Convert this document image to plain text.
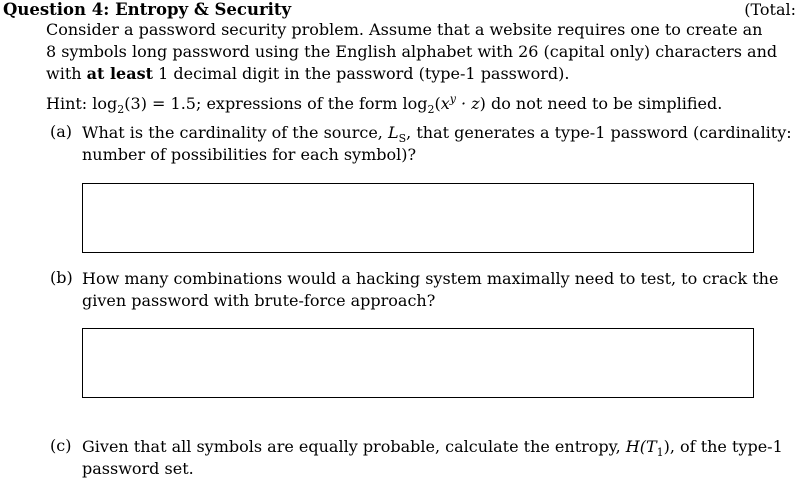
Question 4: Entropy & Security	(Total:
Consider a password security problem. Assume that a website requires one to create an
8 symbols long password using the English alphabet with 26 (capital only) characters and
with at least 1 decimal digit in the password (type-1 password).
Hint: $\log_2(3) = 1.5$; expressions of the form $\log_2(x^y \cdot z)$ do not need to be simplified.
(a) What is the cardinality of the source, $L_S$, that generates a type-1 password (cardinality:
number of possibilities for each symbol)?
(b) How many combinations would a hacking system maximally need to test, to crack the
given password with brute-force approach?
(c) Given that all symbols are equally probable, calculate the entropy, $H(T_1)$, of the type-1
password set.
